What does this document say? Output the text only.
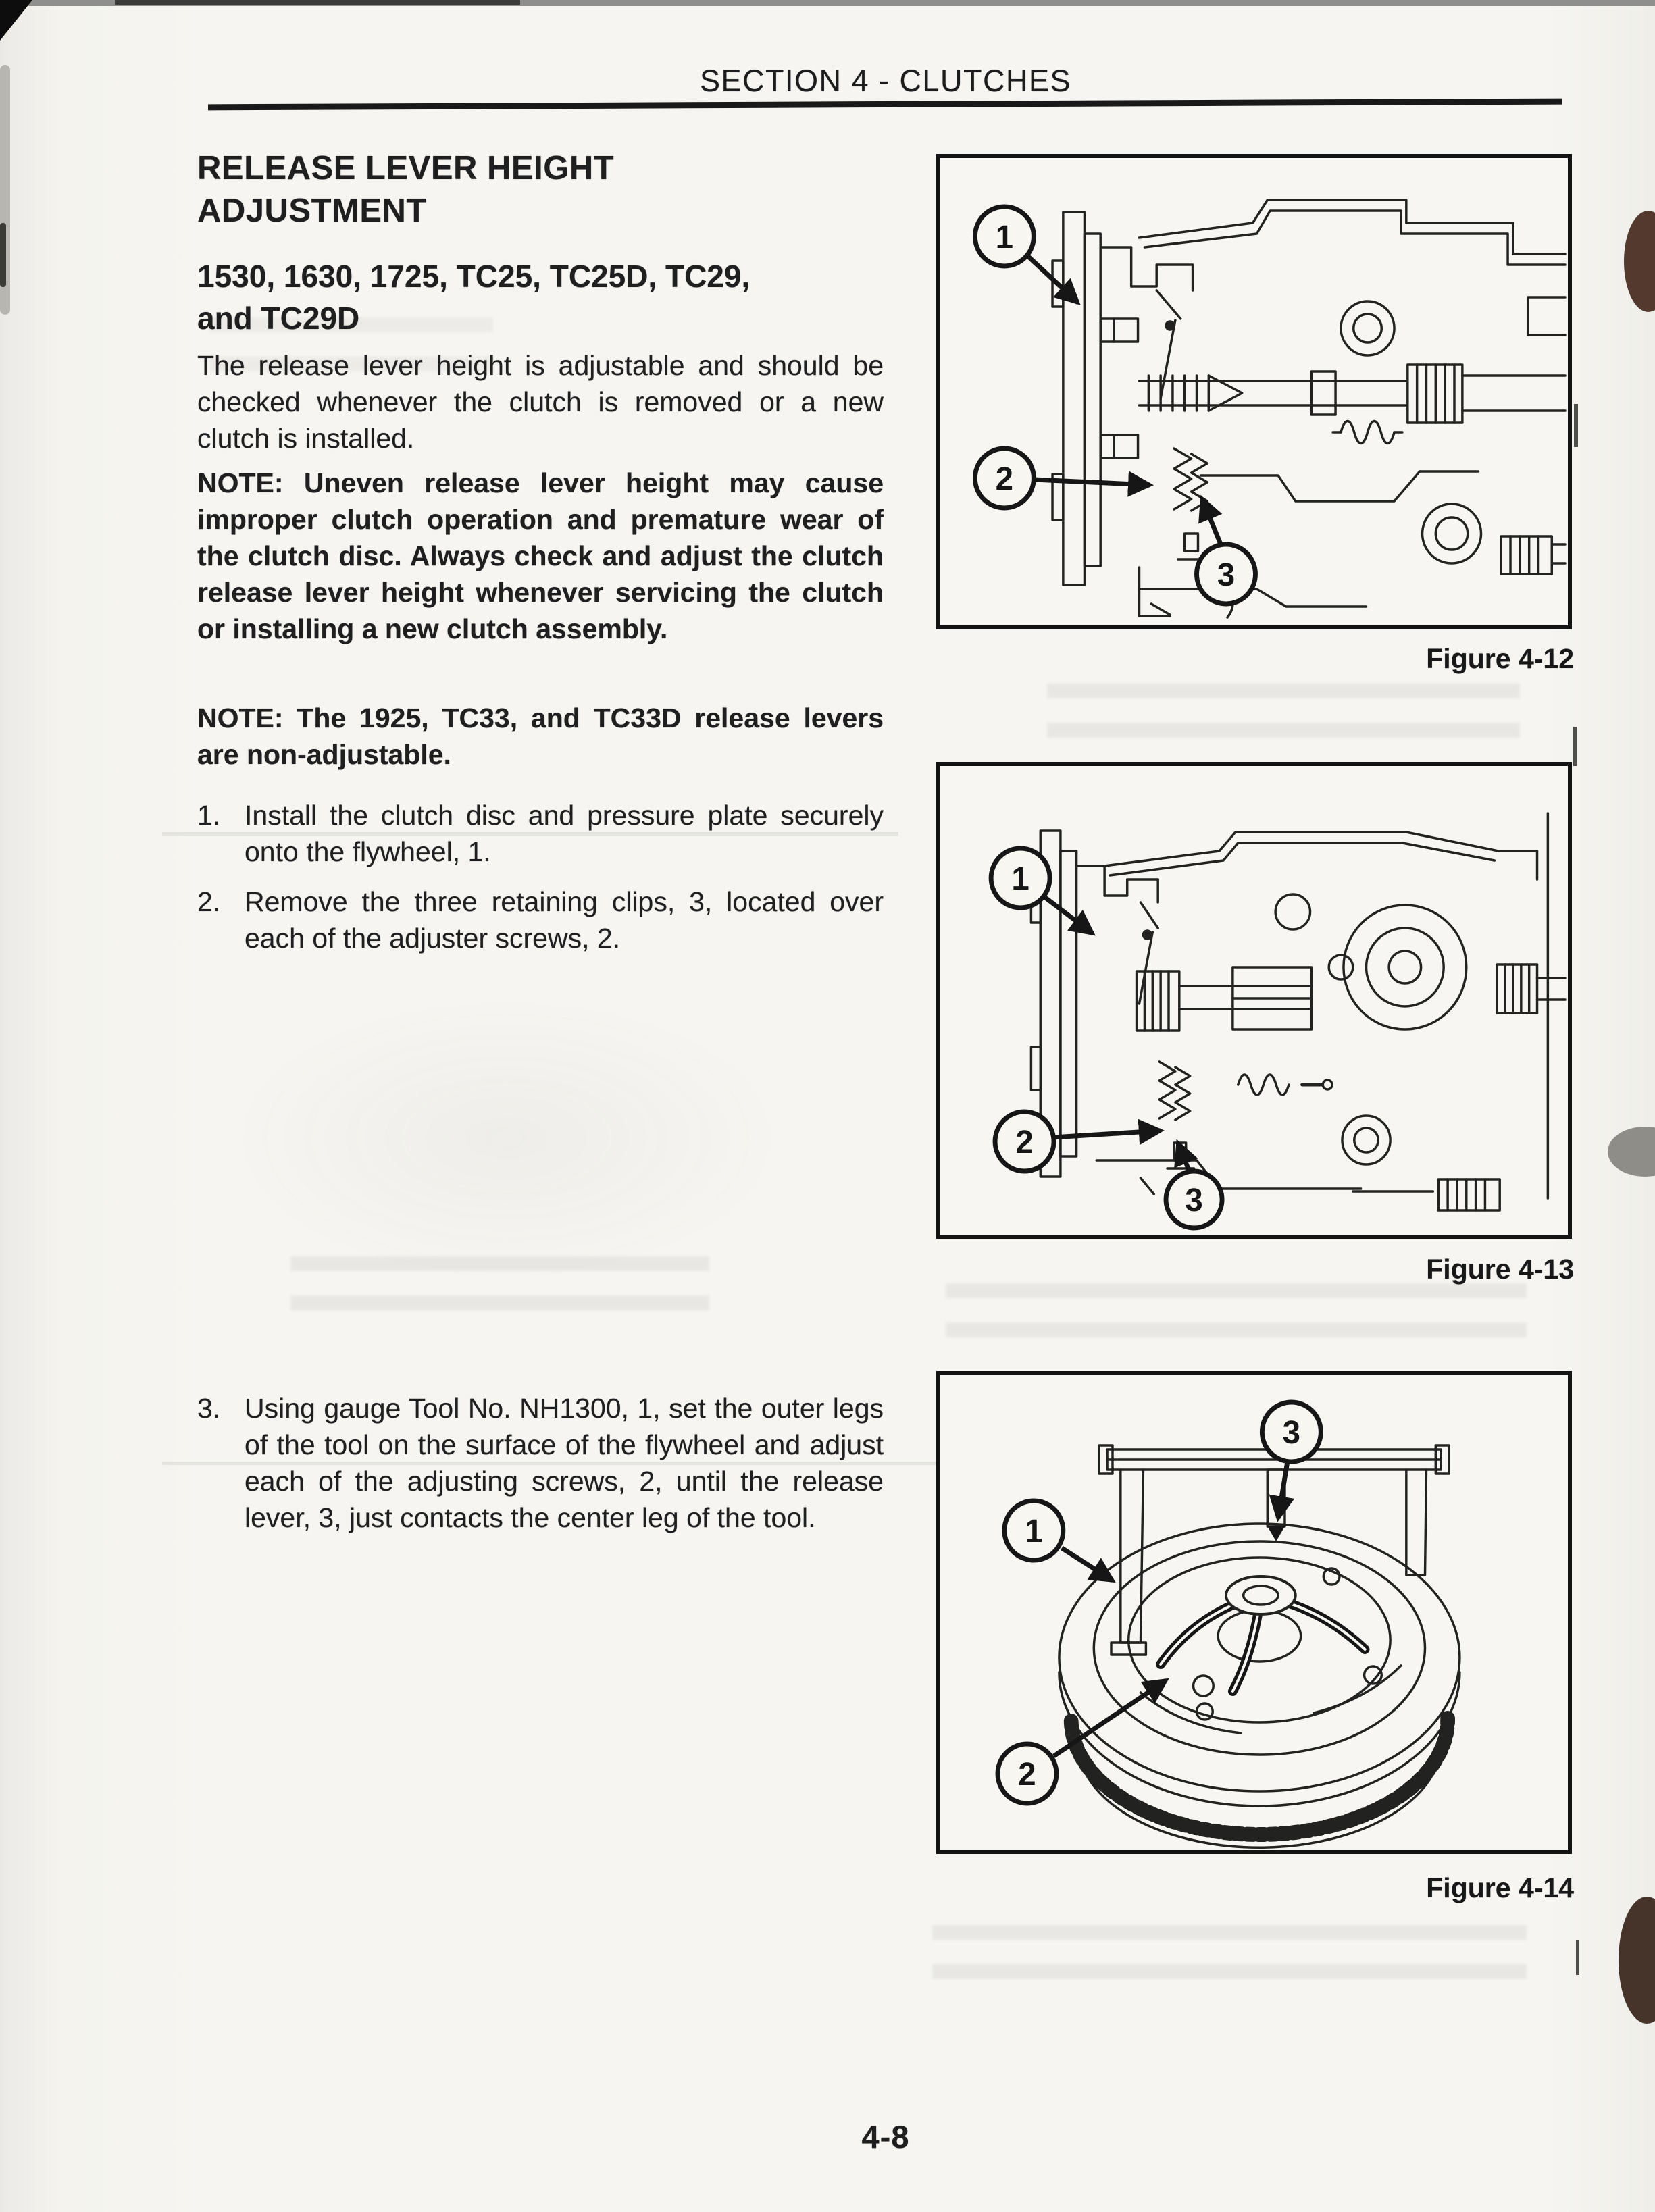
SECTION 4 - CLUTCHES
RELEASE LEVER HEIGHT
ADJUSTMENT
1530, 1630, 1725, TC25, TC25D, TC29,
and TC29D
The release lever height is adjustable and should be checked whenever the clutch is removed or a new clutch is installed.
NOTE: Uneven release lever height may cause improper clutch operation and premature wear of the clutch disc. Always check and adjust the clutch release lever height whenever servicing the clutch or installing a new clutch assembly.
NOTE: The 1925, TC33, and TC33D release levers are non-adjustable.
1. Install the clutch disc and pressure plate securely onto the flywheel, 1.
2. Remove the three retaining clips, 3, located over each of the adjuster screws, 2.
3. Using gauge Tool No. NH1300, 1, set the outer legs of the tool on the surface of the flywheel and adjust each of the adjusting screws, 2, until the release lever, 3, just contacts the center leg of the tool.
1
2
3
Figure 4-12
1
2
3
Figure 4-13
3
1
2
Figure 4-14
4-8
